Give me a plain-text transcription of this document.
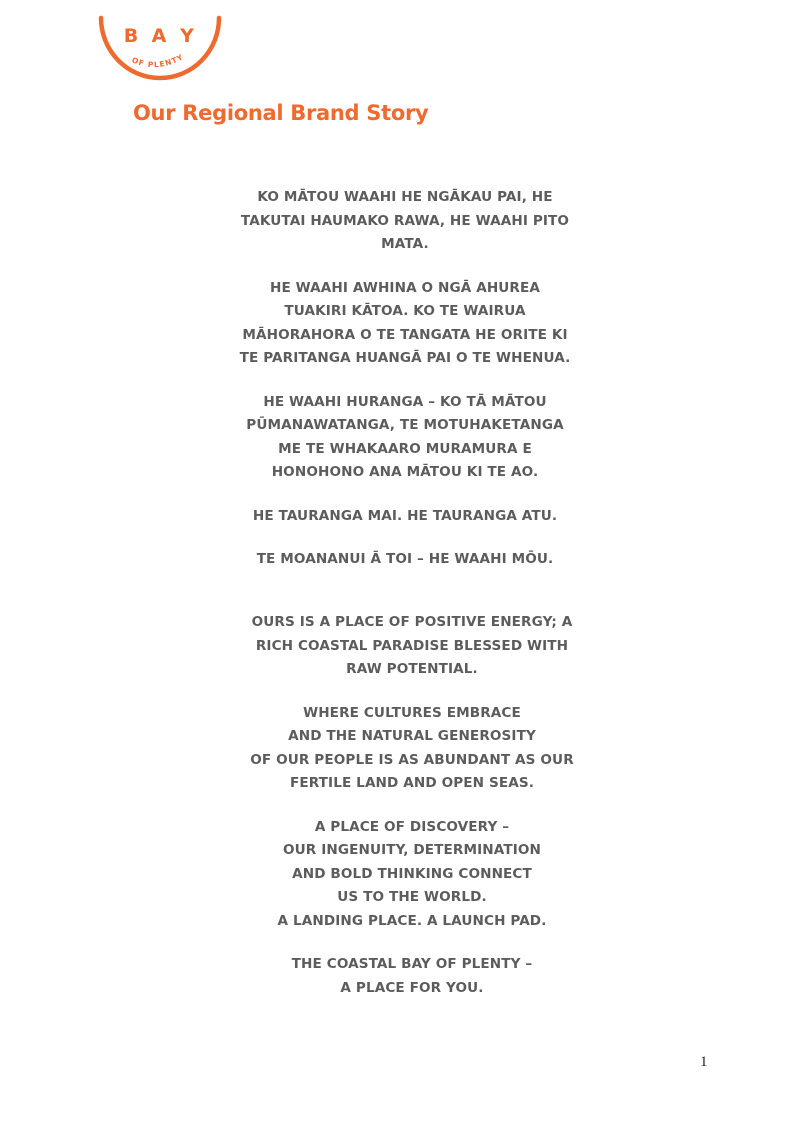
B A Y
OF PLENTY
Our Regional Brand Story

KO MĀTOU WAAHI HE NGĀKAU PAI, HE
TAKUTAI HAUMAKO RAWA, HE WAAHI PITO
MATA.

HE WAAHI AWHINA O NGĀ AHUREA
TUAKIRI KĀTOA. KO TE WAIRUA
MĀHORAHORA O TE TANGATA HE ORITE KI
TE PARITANGA HUANGĀ PAI O TE WHENUA.

HE WAAHI HURANGA – KO TĀ MĀTOU
PŪMANAWATANGA, TE MOTUHAKETANGA
ME TE WHAKAARO MURAMURA E
HONOHONO ANA MĀTOU KI TE AO.

HE TAURANGA MAI. HE TAURANGA ATU.

TE MOANANUI Ā TOI – HE WAAHI MŌU.

OURS IS A PLACE OF POSITIVE ENERGY; A
RICH COASTAL PARADISE BLESSED WITH
RAW POTENTIAL.

WHERE CULTURES EMBRACE
AND THE NATURAL GENEROSITY
OF OUR PEOPLE IS AS ABUNDANT AS OUR
FERTILE LAND AND OPEN SEAS.

A PLACE OF DISCOVERY –
OUR INGENUITY, DETERMINATION
AND BOLD THINKING CONNECT
US TO THE WORLD.
A LANDING PLACE. A LAUNCH PAD.

THE COASTAL BAY OF PLENTY –
A PLACE FOR YOU.

1
